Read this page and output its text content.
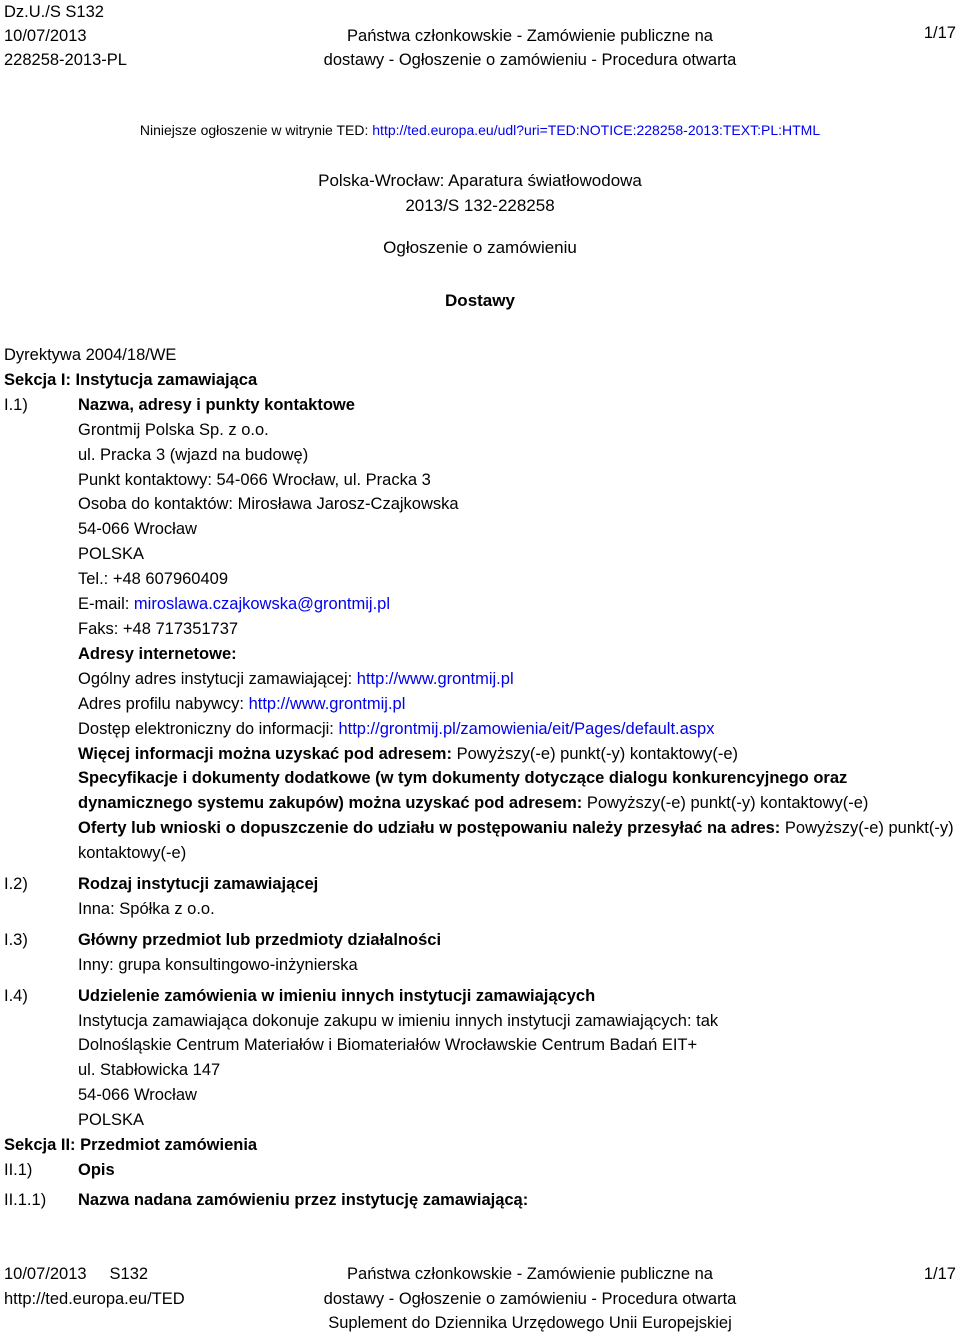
Dz.U./S S132
10/07/2013
228258-2013-PL
Państwa członkowskie - Zamówienie publiczne na
dostawy - Ogłoszenie o zamówieniu - Procedura otwarta
1/17
Niniejsze ogłoszenie w witrynie TED: http://ted.europa.eu/udl?uri=TED:NOTICE:228258-2013:TEXT:PL:HTML
Polska-Wrocław: Aparatura światłowodowa
2013/S 132-228258
Ogłoszenie o zamówieniu
Dostawy
Dyrektywa 2004/18/WE
Sekcja I: Instytucja zamawiająca
I.1)	Nazwa, adresy i punkty kontaktowe
Grontmij Polska Sp. z o.o.
ul. Pracka 3 (wjazd na budowę)
Punkt kontaktowy: 54-066 Wrocław, ul. Pracka 3
Osoba do kontaktów: Mirosława Jarosz-Czajkowska
54-066 Wrocław
POLSKA
Tel.: +48 607960409
E-mail: miroslawa.czajkowska@grontmij.pl
Faks: +48 717351737
Adresy internetowe:
Ogólny adres instytucji zamawiającej: http://www.grontmij.pl
Adres profilu nabywcy: http://www.grontmij.pl
Dostęp elektroniczny do informacji: http://grontmij.pl/zamowienia/eit/Pages/default.aspx
Więcej informacji można uzyskać pod adresem: Powyższy(-e) punkt(-y) kontaktowy(-e)
Specyfikacje i dokumenty dodatkowe (w tym dokumenty dotyczące dialogu konkurencyjnego oraz dynamicznego systemu zakupów) można uzyskać pod adresem: Powyższy(-e) punkt(-y) kontaktowy(-e)
Oferty lub wnioski o dopuszczenie do udziału w postępowaniu należy przesyłać na adres: Powyższy(-e) punkt(-y) kontaktowy(-e)
I.2)	Rodzaj instytucji zamawiającej
Inna: Spółka z o.o.
I.3)	Główny przedmiot lub przedmioty działalności
Inny: grupa konsultingowo-inżynierska
I.4)	Udzielenie zamówienia w imieniu innych instytucji zamawiających
Instytucja zamawiająca dokonuje zakupu w imieniu innych instytucji zamawiających: tak
Dolnośląskie Centrum Materiałów i Biomateriałów Wrocławskie Centrum Badań EIT+
ul. Stabłowicka 147
54-066 Wrocław
POLSKA
Sekcja II: Przedmiot zamówienia
II.1)	Opis
II.1.1)	Nazwa nadana zamówieniu przez instytucję zamawiającą:
10/07/2013 S132
http://ted.europa.eu/TED
Państwa członkowskie - Zamówienie publiczne na
dostawy - Ogłoszenie o zamówieniu - Procedura otwarta
Suplement do Dziennika Urzędowego Unii Europejskiej
1/17
